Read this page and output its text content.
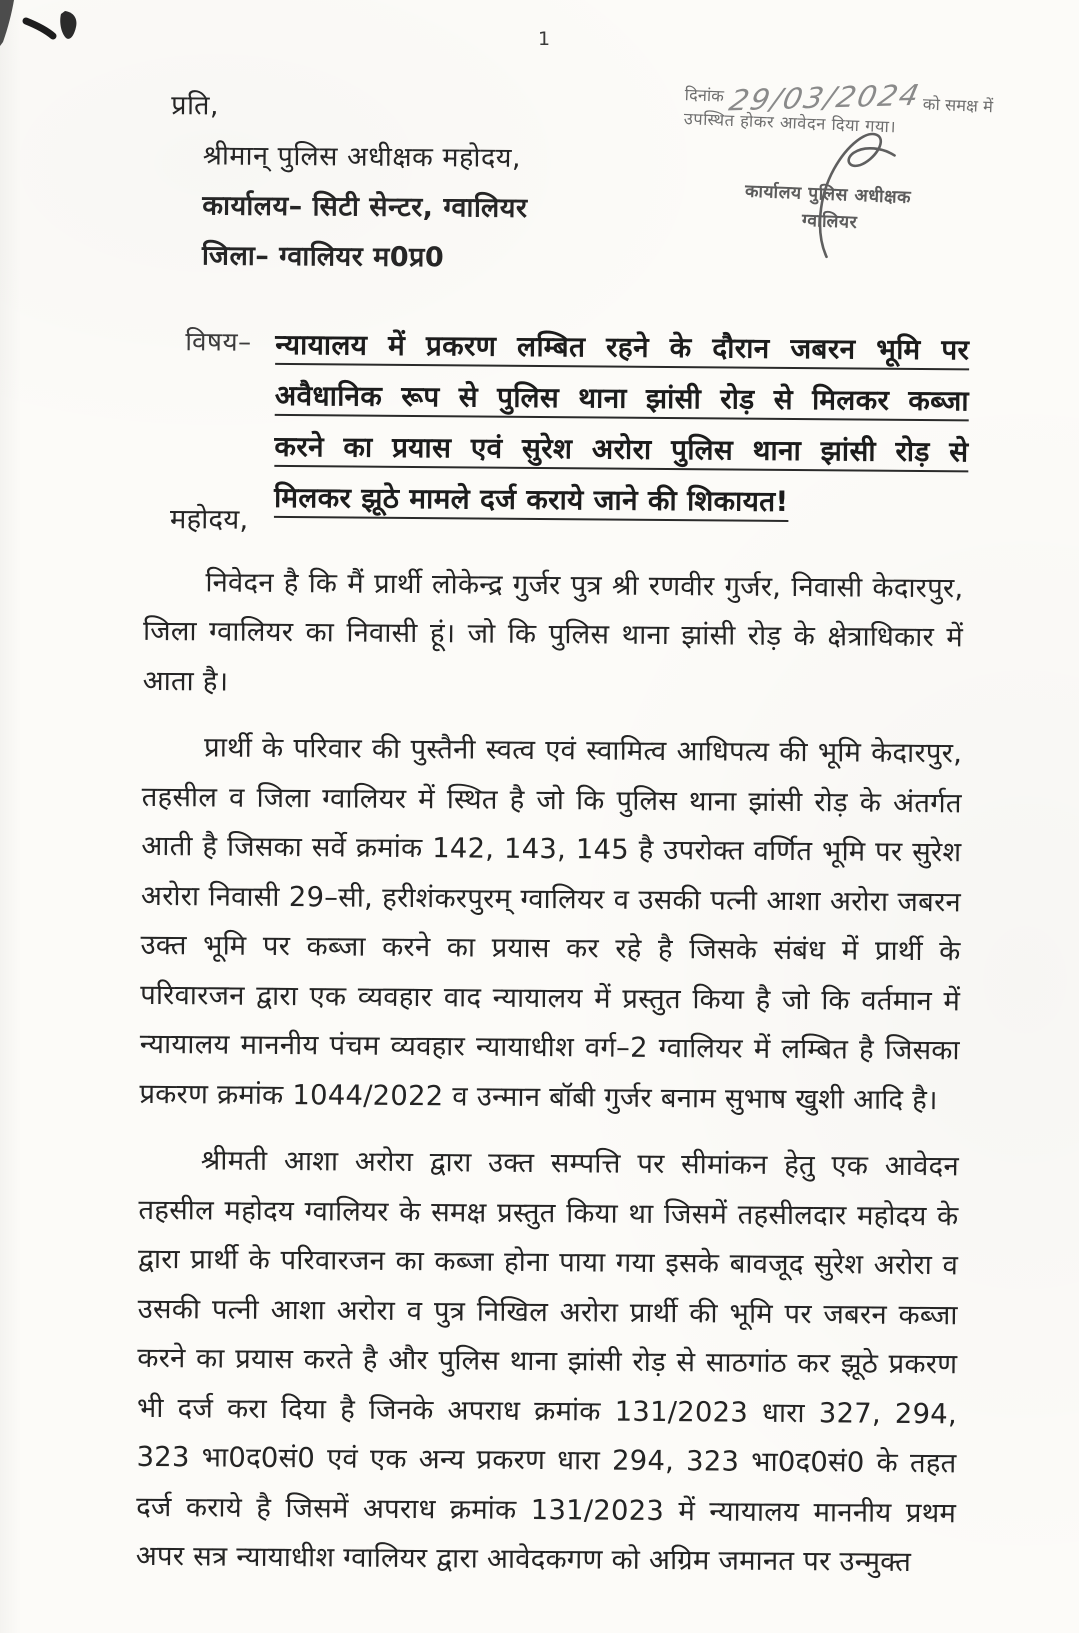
1
प्रति,
श्रीमान् पुलिस अधीक्षक महोदय,
कार्यालय– सिटी सेन्टर, ग्वालियर
जिला– ग्वालियर म0प्र0
दिनांक29/03/2024को समक्ष में
उपस्थित होकर आवेदन दिया गया।
कार्यालय पुलिस अधीक्षक
ग्वालियर
विषय– न्यायालय में प्रकरण लम्बित रहने के दौरान जबरन भूमि पर
अवैधानिक रूप से पुलिस थाना झांसी रोड़ से मिलकर कब्जा
करने का प्रयास एवं सुरेश अरोरा पुलिस थाना झांसी रोड़ से
मिलकर झूठे मामले दर्ज कराये जाने की शिकायत!
महोदय,

निवेदन है कि मैं प्रार्थी लोकेन्द्र गुर्जर पुत्र श्री रणवीर गुर्जर, निवासी केदारपुर, जिला ग्वालियर का निवासी हूं। जो कि पुलिस थाना झांसी रोड़ के क्षेत्राधिकार में आता है।

प्रार्थी के परिवार की पुस्तैनी स्वत्व एवं स्वामित्व आधिपत्य की भूमि केदारपुर, तहसील व जिला ग्वालियर में स्थित है जो कि पुलिस थाना झांसी रोड़ के अंतर्गत आती है जिसका सर्वे क्रमांक 142, 143, 145 है उपरोक्त वर्णित भूमि पर सुरेश अरोरा निवासी 29–सी, हरीशंकरपुरम् ग्वालियर व उसकी पत्नी आशा अरोरा जबरन उक्त भूमि पर कब्जा करने का प्रयास कर रहे है जिसके संबंध में प्रार्थी के परिवारजन द्वारा एक व्यवहार वाद न्यायालय में प्रस्तुत किया है जो कि वर्तमान में न्यायालय माननीय पंचम व्यवहार न्यायाधीश वर्ग–2 ग्वालियर में लम्बित है जिसका प्रकरण क्रमांक 1044/2022 व उन्मान बॉबी गुर्जर बनाम सुभाष खुशी आदि है।

श्रीमती आशा अरोरा द्वारा उक्त सम्पत्ति पर सीमांकन हेतु एक आवेदन तहसील महोदय ग्वालियर के समक्ष प्रस्तुत किया था जिसमें तहसीलदार महोदय के द्वारा प्रार्थी के परिवारजन का कब्जा होना पाया गया इसके बावजूद सुरेश अरोरा व उसकी पत्नी आशा अरोरा व पुत्र निखिल अरोरा प्रार्थी की भूमि पर जबरन कब्जा करने का प्रयास करते है और पुलिस थाना झांसी रोड़ से साठगांठ कर झूठे प्रकरण भी दर्ज करा दिया है जिनके अपराध क्रमांक 131/2023 धारा 327, 294, 323 भा0द0सं0 एवं एक अन्य प्रकरण धारा 294, 323 भा0द0सं0 के तहत दर्ज कराये है जिसमें अपराध क्रमांक 131/2023 में न्यायालय माननीय प्रथम अपर सत्र न्यायाधीश ग्वालियर द्वारा आवेदकगण को अग्रिम जमानत पर उन्मुक्त
